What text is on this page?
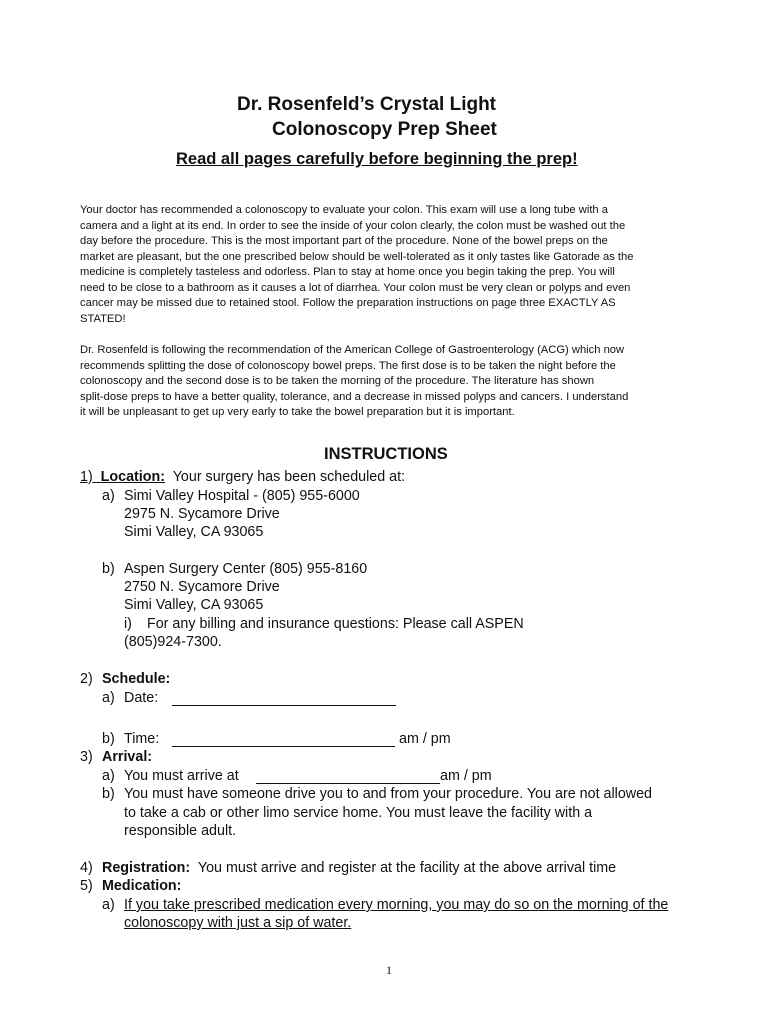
Dr. Rosenfeld’s Crystal Light
Colonoscopy Prep Sheet
Read all pages carefully before beginning the prep!
Your doctor has recommended a colonoscopy to evaluate your colon. This exam will use a long tube with a
camera and a light at its end. In order to see the inside of your colon clearly, the colon must be washed out the
day before the procedure. This is the most important part of the procedure. None of the bowel preps on the
market are pleasant, but the one prescribed below should be well-tolerated as it only tastes like Gatorade as the
medicine is completely tasteless and odorless. Plan to stay at home once you begin taking the prep. You will
need to be close to a bathroom as it causes a lot of diarrhea. Your colon must be very clean or polyps and even
cancer may be missed due to retained stool. Follow the preparation instructions on page three EXACTLY AS
STATED!
Dr. Rosenfeld is following the recommendation of the American College of Gastroenterology (ACG) which now
recommends splitting the dose of colonoscopy bowel preps. The first dose is to be taken the night before the
colonoscopy and the second dose is to be taken the morning of the procedure. The literature has shown
split-dose preps to have a better quality, tolerance, and a decrease in missed polyps and cancers. I understand
it will be unpleasant to get up very early to take the bowel preparation but it is important.
INSTRUCTIONS
1) Location: Your surgery has been scheduled at:
a) Simi Valley Hospital - (805) 955-6000
2975 N. Sycamore Drive
Simi Valley, CA 93065
b) Aspen Surgery Center (805) 955-8160
2750 N. Sycamore Drive
Simi Valley, CA 93065
i) For any billing and insurance questions: Please call ASPEN
(805)924-7300.
2) Schedule:
a) Date:
b) Time:	am / pm
3) Arrival:
a) You must arrive at	am / pm
b) You must have someone drive you to and from your procedure. You are not allowed
to take a cab or other limo service home. You must leave the facility with a
responsible adult.
4) Registration: You must arrive and register at the facility at the above arrival time
5) Medication:
a) If you take prescribed medication every morning, you may do so on the morning of the
colonoscopy with just a sip of water.
1
